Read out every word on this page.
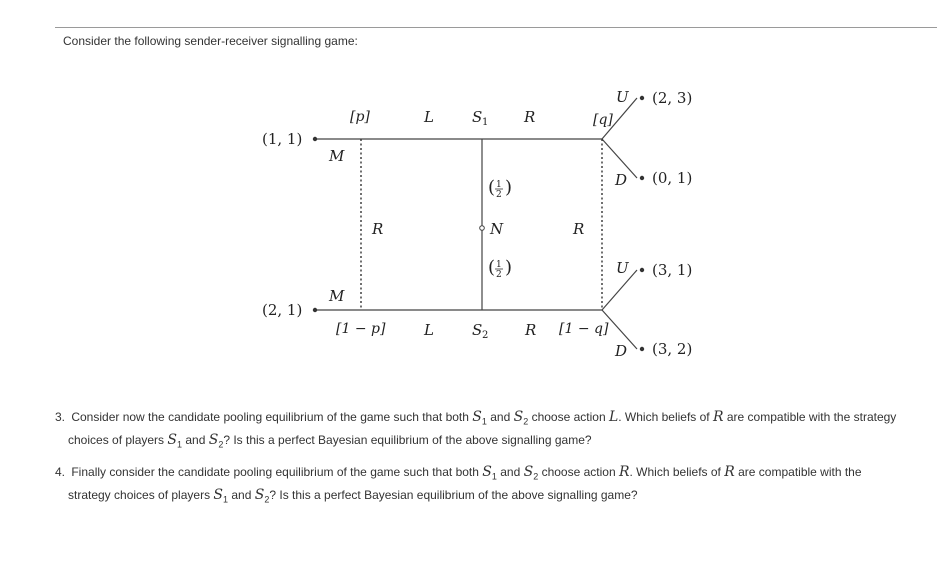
Consider the following sender-receiver signalling game:
(1, 1)
(2, 1)
(2, 3)
(0, 1)
(3, 1)
(3, 2)
[p]
[1 − p]
[q]
[1 − q]
L	R
L	R
M
M
U
D
U
D
S 1
S 2
R	R
N
( 1
2 )
( 1
2 )
3. Consider now the candidate pooling equilibrium of the game such that both $S_1$ and $S_2$ choose action L. Which beliefs of R are compatible with the strategy
choices of players $S_1$ and $S_2$? Is this a perfect Bayesian equilibrium of the above signalling game?
4. Finally consider the candidate pooling equilibrium of the game such that both $S_1$ and $S_2$ choose action R. Which beliefs of R are compatible with the
strategy choices of players $S_1$ and $S_2$? Is this a perfect Bayesian equilibrium of the above signalling game?
